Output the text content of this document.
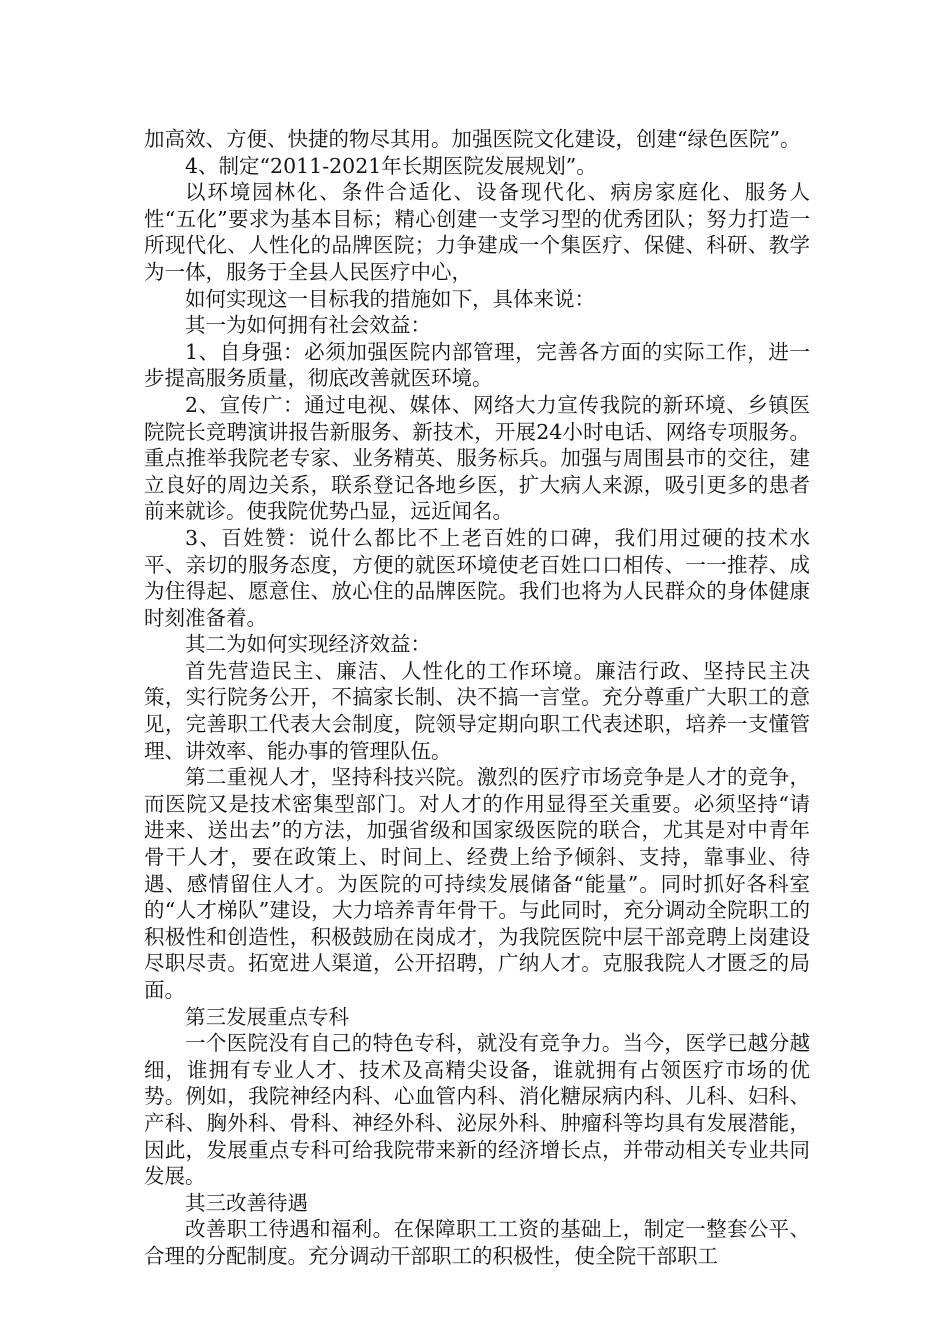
加高效、方便、快捷的物尽其用。加强医院文化建设，创建“绿色医院”。

4、制定“2011-2021年长期医院发展规划”。

以环境园林化、条件合适化、设备现代化、病房家庭化、服务人性“五化”要求为基本目标；精心创建一支学习型的优秀团队；努力打造一所现代化、人性化的品牌医院；力争建成一个集医疗、保健、科研、教学为一体，服务于全县人民医疗中心，

如何实现这一目标我的措施如下，具体来说：

其一为如何拥有社会效益：

1、自身强：必须加强医院内部管理，完善各方面的实际工作，进一步提高服务质量，彻底改善就医环境。

2、宣传广：通过电视、媒体、网络大力宣传我院的新环境、乡镇医院院长竞聘演讲报告新服务、新技术，开展24小时电话、网络专项服务。重点推举我院老专家、业务精英、服务标兵。加强与周围县市的交往，建立良好的周边关系，联系登记各地乡医，扩大病人来源，吸引更多的患者前来就诊。使我院优势凸显，远近闻名。

3、百姓赞：说什么都比不上老百姓的口碑，我们用过硬的技术水平、亲切的服务态度，方便的就医环境使老百姓口口相传、一一推荐、成为住得起、愿意住、放心住的品牌医院。我们也将为人民群众的身体健康时刻准备着。

其二为如何实现经济效益：

首先营造民主、廉洁、人性化的工作环境。廉洁行政、坚持民主决策，实行院务公开，不搞家长制、决不搞一言堂。充分尊重广大职工的意见，完善职工代表大会制度，院领导定期向职工代表述职，培养一支懂管理、讲效率、能办事的管理队伍。

第二重视人才，坚持科技兴院。激烈的医疗市场竞争是人才的竞争，而医院又是技术密集型部门。对人才的作用显得至关重要。必须坚持“请进来、送出去”的方法，加强省级和国家级医院的联合，尤其是对中青年骨干人才，要在政策上、时间上、经费上给予倾斜、支持，靠事业、待遇、感情留住人才。为医院的可持续发展储备“能量”。同时抓好各科室的“人才梯队”建设，大力培养青年骨干。与此同时，充分调动全院职工的积极性和创造性，积极鼓励在岗成才，为我院医院中层干部竞聘上岗建设尽职尽责。拓宽进人渠道，公开招聘，广纳人才。克服我院人才匮乏的局面。

第三发展重点专科

一个医院没有自己的特色专科，就没有竞争力。当今，医学已越分越细，谁拥有专业人才、技术及高精尖设备，谁就拥有占领医疗市场的优势。例如，我院神经内科、心血管内科、消化糖尿病内科、儿科、妇科、产科、胸外科、骨科、神经外科、泌尿外科、肿瘤科等均具有发展潜能，因此，发展重点专科可给我院带来新的经济增长点，并带动相关专业共同发展。

其三改善待遇

改善职工待遇和福利。在保障职工工资的基础上，制定一整套公平、合理的分配制度。充分调动干部职工的积极性，使全院干部职工
